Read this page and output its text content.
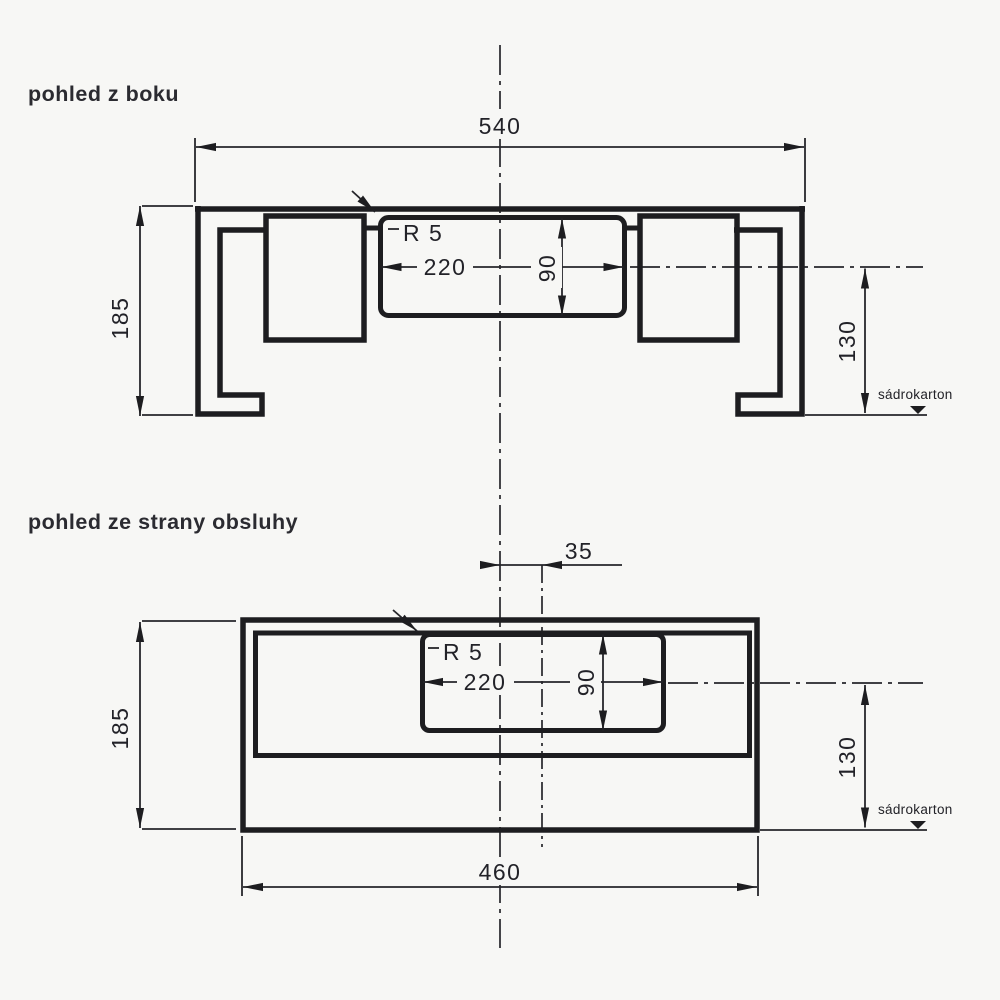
pohled z boku
pohled ze strany obsluhy
540
185
220	90
R 5
130
sádrokarton
35
185
220	90
R 5
130
sádrokarton
460
